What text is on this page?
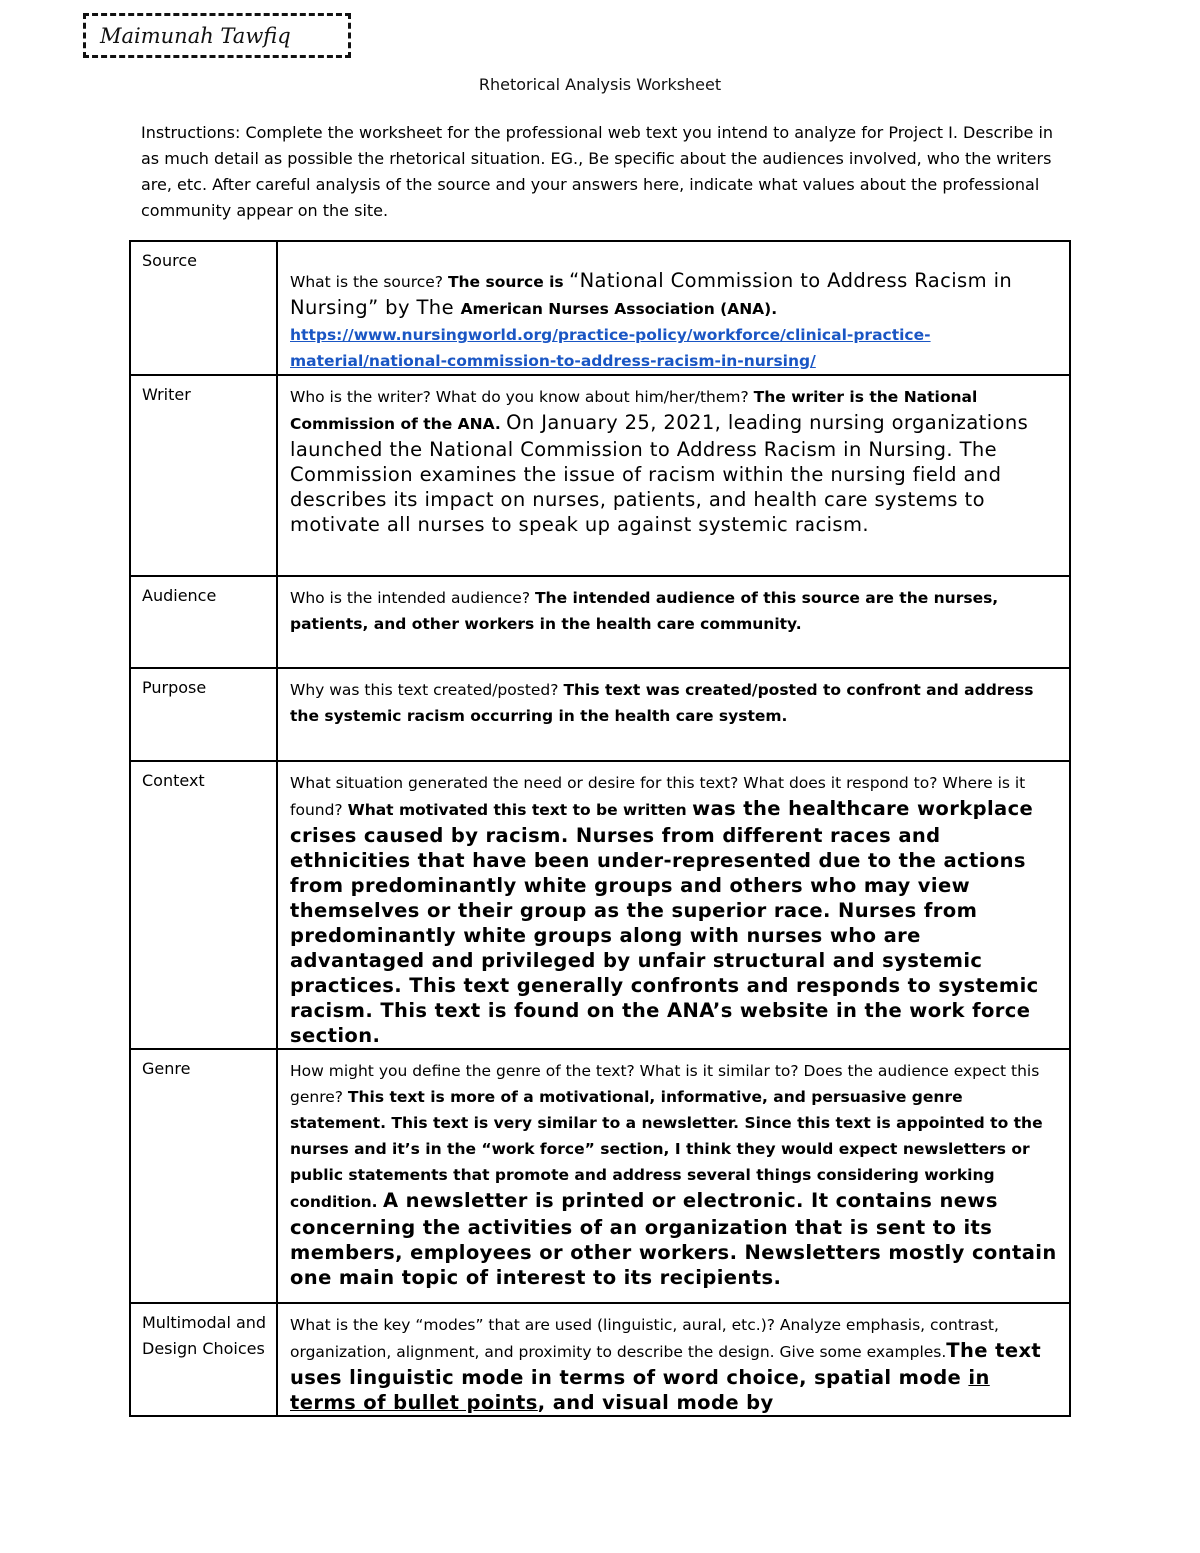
Maimunah Tawfiq
Rhetorical Analysis Worksheet
Instructions: Complete the worksheet for the professional web text you intend to analyze for Project I. Describe in as much detail as possible the rhetorical situation. EG., Be specific about the audiences involved, who the writers are, etc. After careful analysis of the source and your answers here, indicate what values about the professional community appear on the site.
Source	What is the source? The source is “National Commission to Address Racism in Nursing” by The American Nurses Association (ANA).
https://www.nursingworld.org/practice-policy/workforce/clinical-practice-material/national-commission-to-address-racism-in-nursing/

Writer	Who is the writer? What do you know about him/her/them? The writer is the National Commission of the ANA. On January 25, 2021, leading nursing organizations launched the National Commission to Address Racism in Nursing. The Commission examines the issue of racism within the nursing field and describes its impact on nurses, patients, and health care systems to motivate all nurses to speak up against systemic racism.

Audience	Who is the intended audience? The intended audience of this source are the nurses, patients, and other workers in the health care community.

Purpose	Why was this text created/posted? This text was created/posted to confront and address the systemic racism occurring in the health care system.

Context	What situation generated the need or desire for this text? What does it respond to? Where is it found? What motivated this text to be written was the healthcare workplace crises caused by racism. Nurses from different races and ethnicities that have been under-represented due to the actions from predominantly white groups and others who may view themselves or their group as the superior race. Nurses from predominantly white groups along with nurses who are advantaged and privileged by unfair structural and systemic practices. This text generally confronts and responds to systemic racism. This text is found on the ANA’s website in the work force section.

Genre	How might you define the genre of the text? What is it similar to? Does the audience expect this genre? This text is more of a motivational, informative, and persuasive genre statement. This text is very similar to a newsletter. Since this text is appointed to the nurses and it’s in the “work force” section, I think they would expect newsletters or public statements that promote and address several things considering working condition. A newsletter is printed or electronic. It contains news concerning the activities of an organization that is sent to its members, employees or other workers. Newsletters mostly contain one main topic of interest to its recipients.

Multimodal and Design Choices	What is the key “modes” that are used (linguistic, aural, etc.)? Analyze emphasis, contrast, organization, alignment, and proximity to describe the design. Give some examples.The text uses linguistic mode in terms of word choice, spatial mode in terms of bullet points, and visual mode by
